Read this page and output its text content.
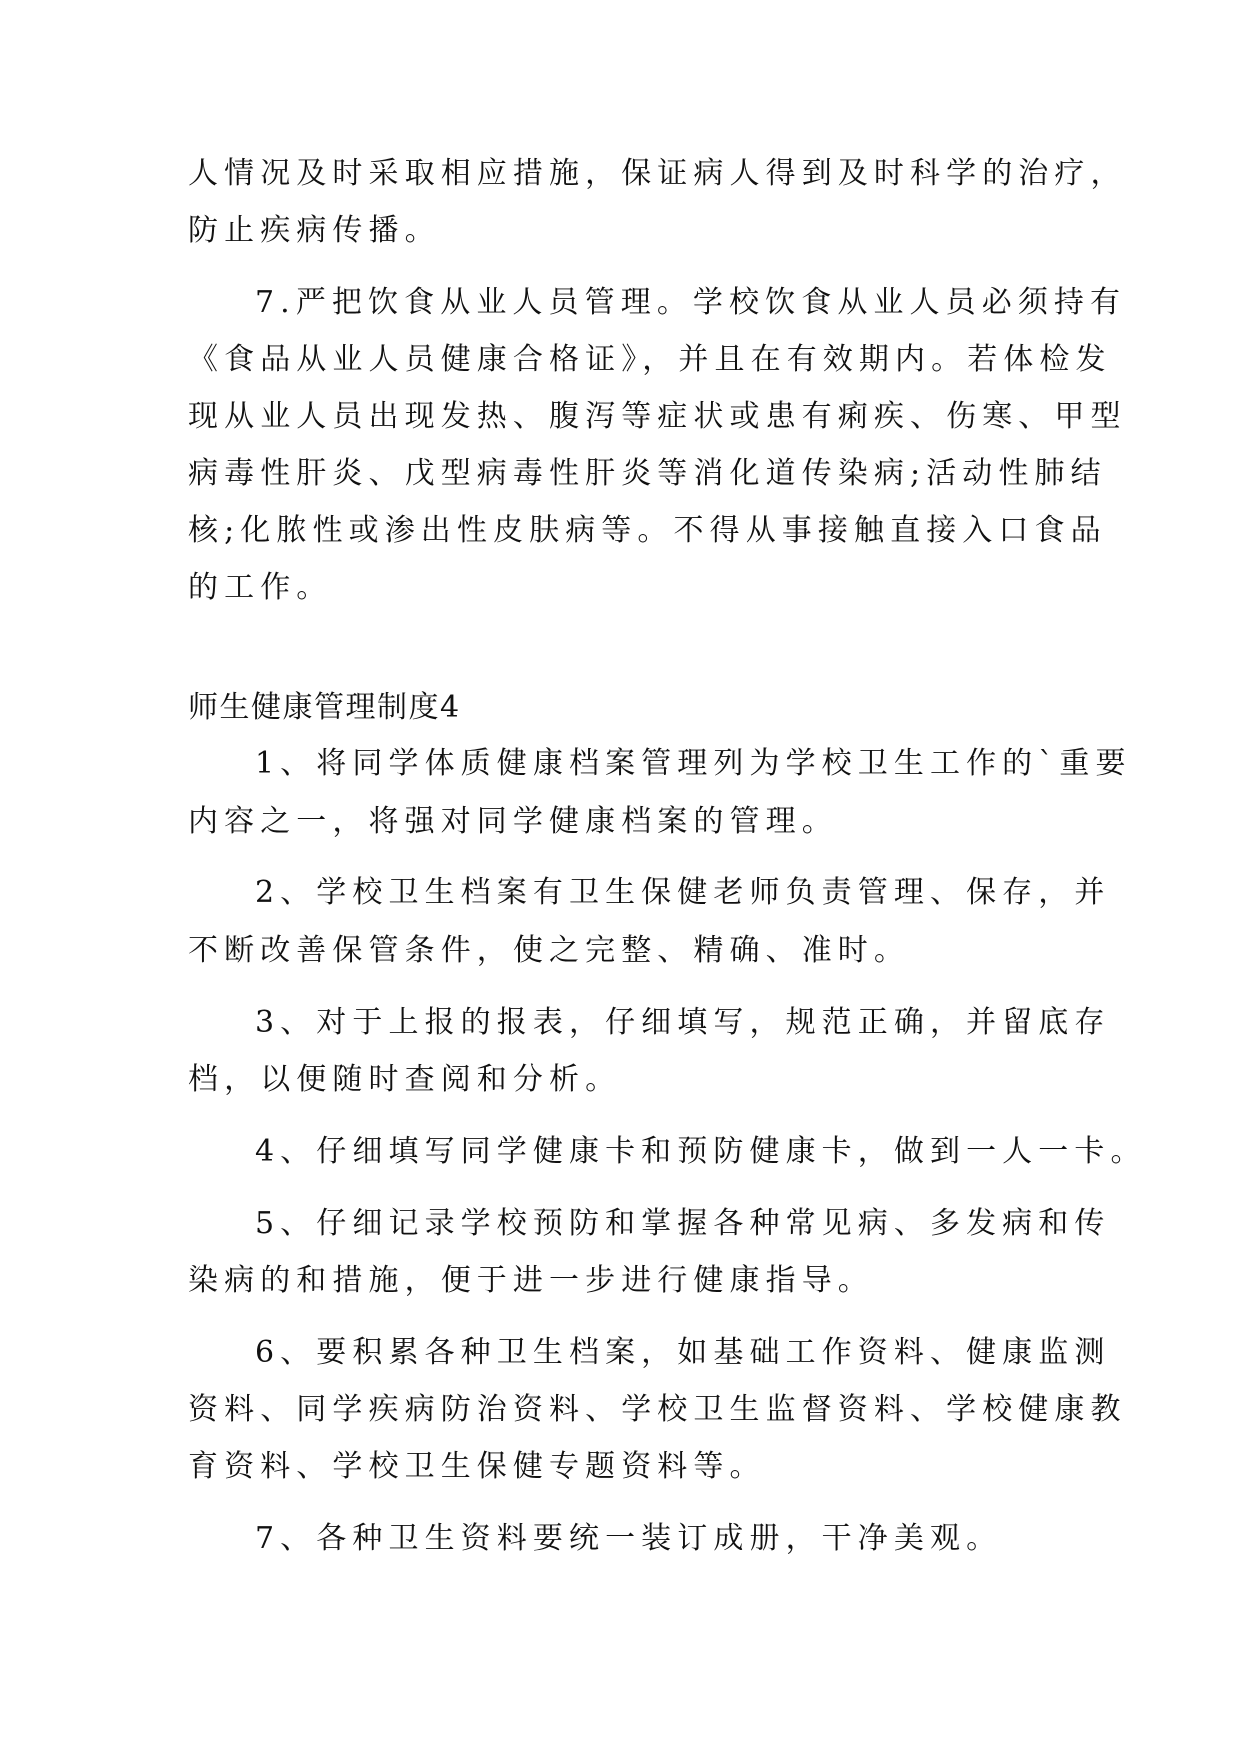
人情况及时采取相应措施，保证病人得到及时科学的治疗，

防止疾病传播。

7.严把饮食从业人员管理。学校饮食从业人员必须持有

《食品从业人员健康合格证》，并且在有效期内。若体检发

现从业人员出现发热、腹泻等症状或患有痢疾、伤寒、甲型

病毒性肝炎、戊型病毒性肝炎等消化道传染病;活动性肺结

核;化脓性或渗出性皮肤病等。不得从事接触直接入口食品

的工作。

师生健康管理制度4

1、将同学体质健康档案管理列为学校卫生工作的`重要

内容之一，将强对同学健康档案的管理。

2、学校卫生档案有卫生保健老师负责管理、保存，并

不断改善保管条件，使之完整、精确、准时。

3、对于上报的报表，仔细填写，规范正确，并留底存

档，以便随时查阅和分析。

4、仔细填写同学健康卡和预防健康卡，做到一人一卡。

5、仔细记录学校预防和掌握各种常见病、多发病和传

染病的和措施，便于进一步进行健康指导。

6、要积累各种卫生档案，如基础工作资料、健康监测

资料、同学疾病防治资料、学校卫生监督资料、学校健康教

育资料、学校卫生保健专题资料等。

7、各种卫生资料要统一装订成册，干净美观。
